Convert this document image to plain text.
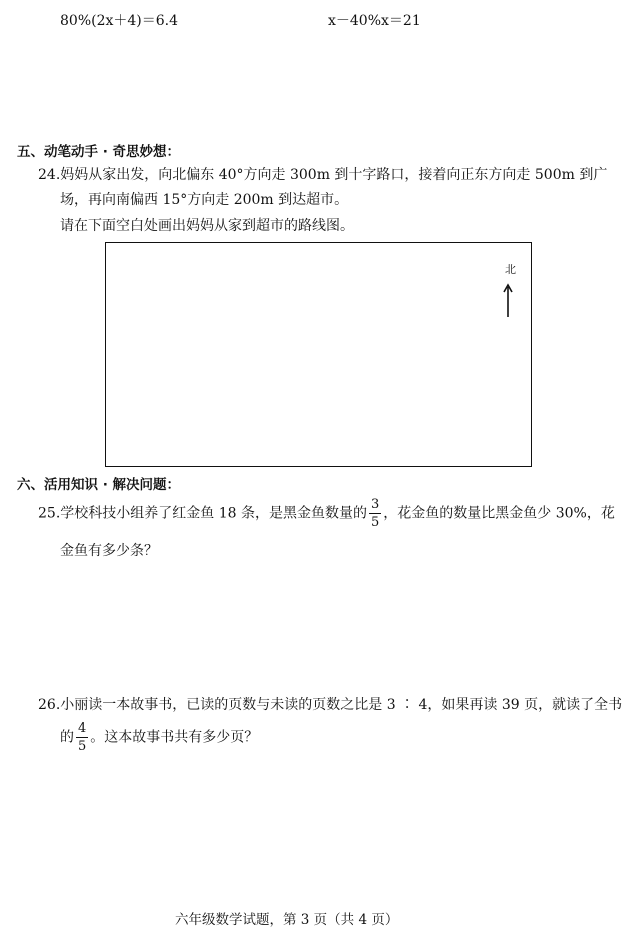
80%(2x＋4)＝6.4	x－40%x＝21
五、动笔动手 · 奇思妙想：
24.妈妈从家出发，向北偏东 40°方向走 300m 到十字路口，接着向正东方向走 500m 到广
场，再向南偏西 15°方向走 200m 到达超市。
请在下面空白处画出妈妈从家到超市的路线图。
北
六、活用知识 · 解决问题：
25.学校科技小组养了红金鱼 18 条，是黑金鱼数量的 $\frac{3}{5}$ ，花金鱼的数量比黑金鱼少 30%，花
金鱼有多少条？
26.小丽读一本故事书，已读的页数与未读的页数之比是 3 ∶ 4，如果再读 39 页，就读了全书
的 $\frac{4}{5}$ 。这本故事书共有多少页？
六年级数学试题，第 3 页（共 4 页）
